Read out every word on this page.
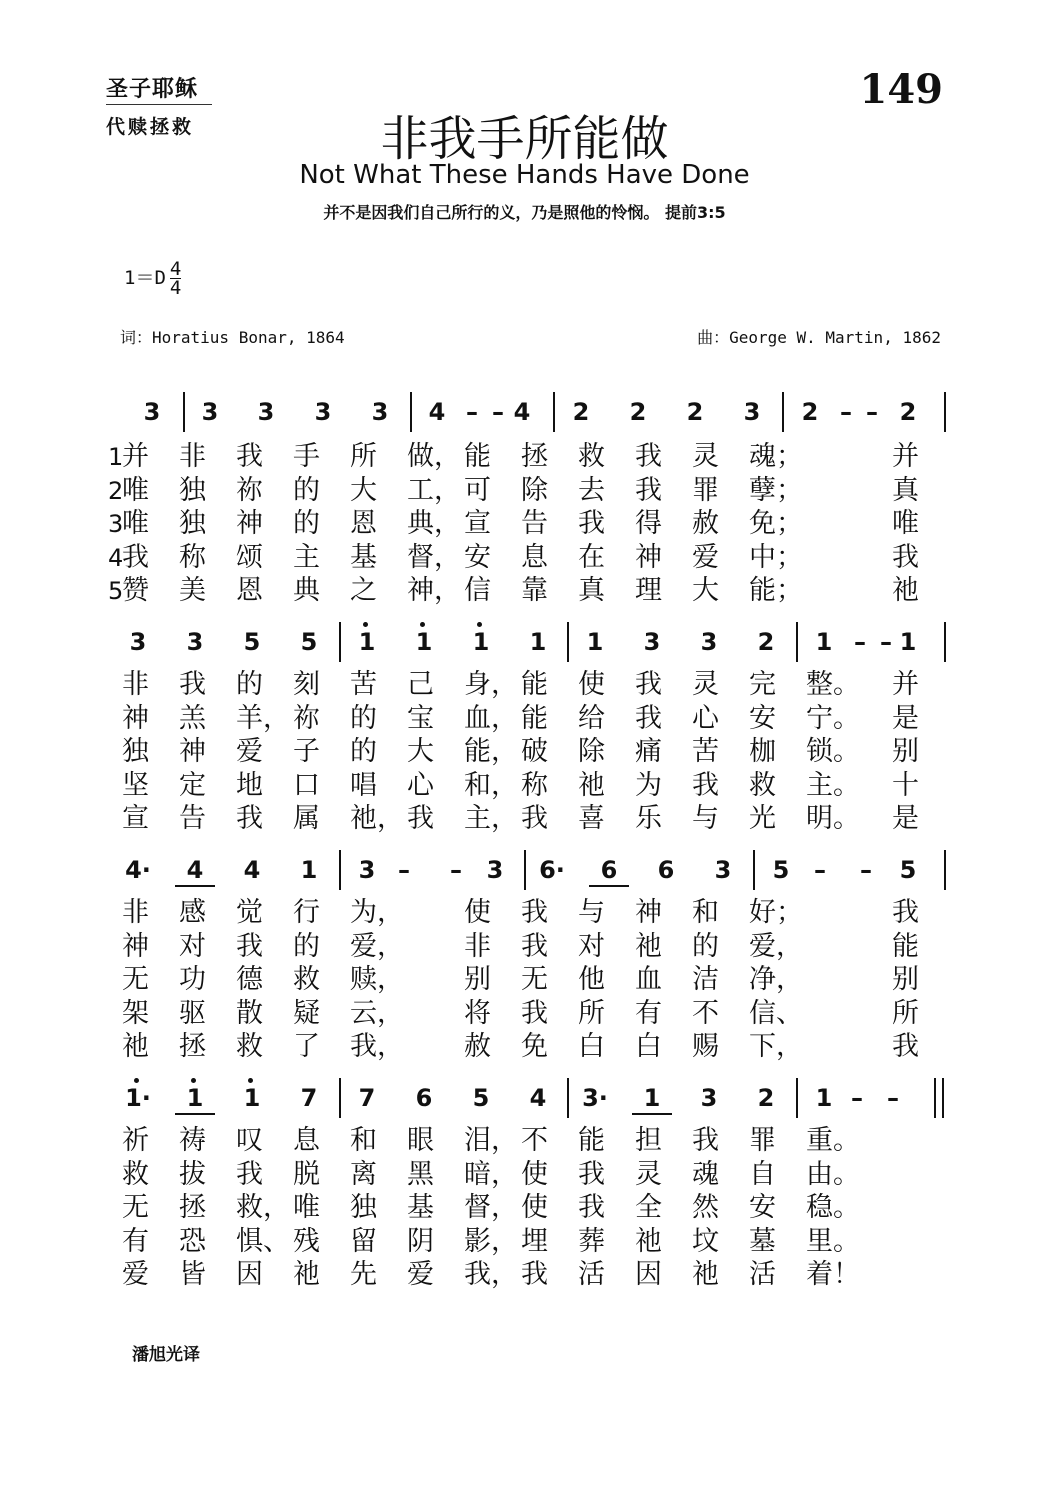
圣子耶稣
代赎拯救
149
非我手所能做
Not What These Hands Have Done
并不是因我们自己所行的义，乃是照他的怜悯。 提前3:5
$1=D \frac{4}{4}$
词：Horatius Bonar, 1864	曲：George W. Martin, 1862
3	3	3	3	3	4 – – 4	2	2	2	3	2 – – 2
1
并	非	我	手	所	做， 能	拯	救	我	灵	魂；	并
2
唯	独	祢	的	大	工， 可	除	去	我	罪	孽；	真
3
唯	独	神	的	恩	典， 宣	告	我	得	赦	免；	唯
4
我	称	颂	主	基	督， 安	息	在	神	爱	中；	我
5
赞	美	恩	典	之	神， 信	靠	真	理	大	能；	祂
3	3	5	5	1	1	1	1	1	3	3	2	1 – – 1
非	我	的	刻	苦	己	身， 能	使	我	灵	完	整。 并
神	羔	羊， 祢	的	宝	血， 能	给	我	心	安	宁。 是
独	神	爱	子	的	大	能， 破	除	痛	苦	枷	锁。 别
坚	定	地	口	唱	心	和， 称	祂	为	我	救	主。 十
宣	告	我	属	祂， 我	主， 我	喜	乐	与	光	明。 是
4·	4	4	1	3 – –	3	6·	6	6	3	5	– –	5
非	感	觉	行	为， 使	我	与	神	和	好；	我
神	对	我	的	爱， 非	我	对	祂	的	爱，	能
无	功	德	救	赎， 别	无	他	血	洁	净，	别
架	驱	散	疑	云， 将	我	所	有	不	信、	所
祂	拯	救	了	我， 赦	免	白	白	赐	下，	我
1·	1	1	7	7	6	5	4	3·	1	3	2	1 – –
祈	祷	叹	息	和	眼	泪， 不	能	担	我	罪	重。
救	拔	我	脱	离	黑	暗， 使	我	灵	魂	自	由。
无	拯	救， 唯	独	基	督， 使	我	全	然	安	稳。
有	恐	惧、 残	留	阴	影， 埋	葬	祂	坟	墓	里。
爱	皆	因	祂	先	爱	我， 我	活	因	祂	活	着！
潘旭光译
